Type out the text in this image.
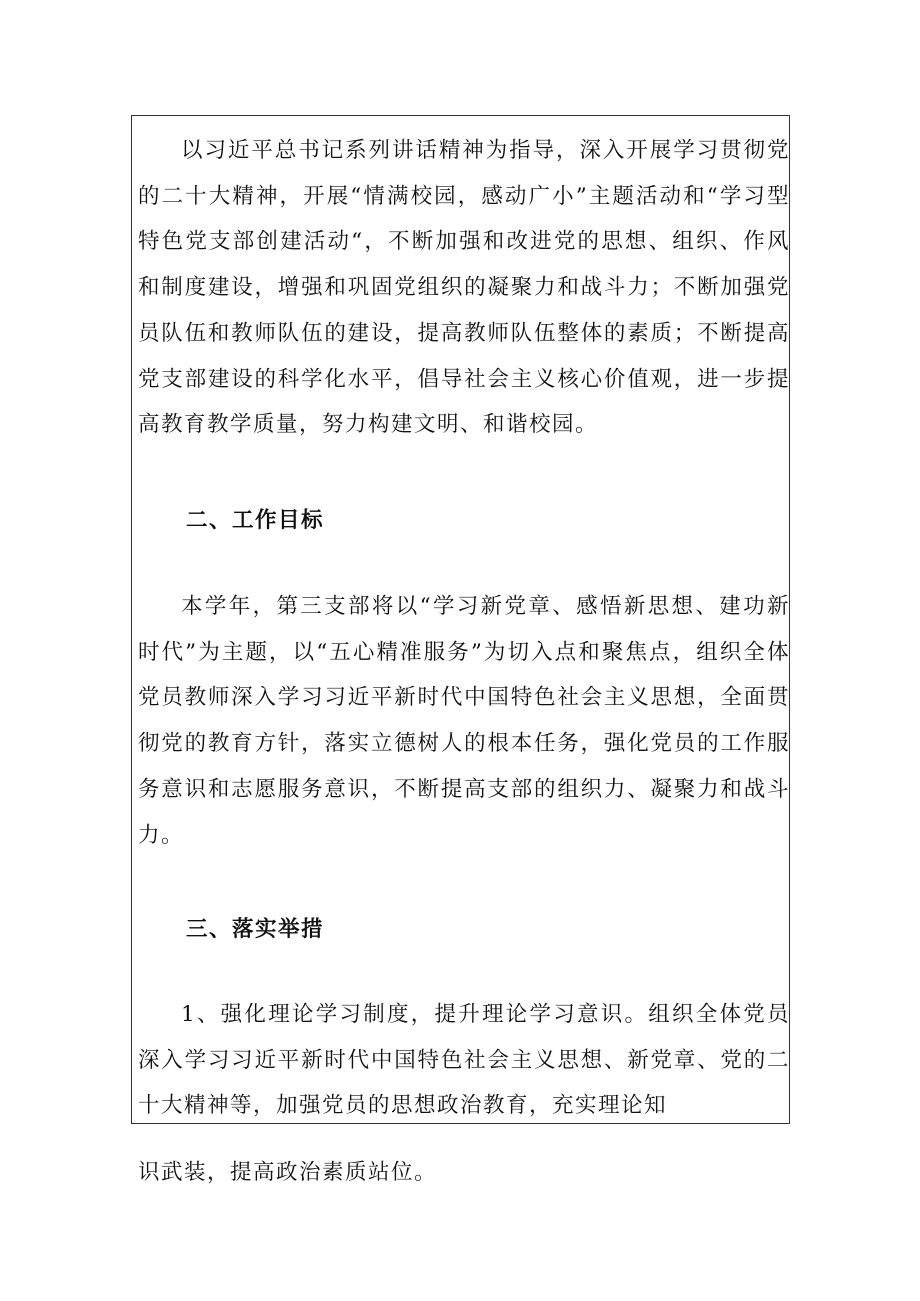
以习近平总书记系列讲话精神为指导，深入开展学习贯彻党的二十大精神，开展“情满校园，感动广小”主题活动和“学习型特色党支部创建活动“，不断加强和改进党的思想、组织、作风和制度建设，增强和巩固党组织的凝聚力和战斗力；不断加强党员队伍和教师队伍的建设，提高教师队伍整体的素质；不断提高党支部建设的科学化水平，倡导社会主义核心价值观，进一步提高教育教学质量，努力构建文明、和谐校园。

二、工作目标

本学年，第三支部将以“学习新党章、感悟新思想、建功新时代”为主题，以“五心精准服务”为切入点和聚焦点，组织全体党员教师深入学习习近平新时代中国特色社会主义思想，全面贯彻党的教育方针，落实立德树人的根本任务，强化党员的工作服务意识和志愿服务意识，不断提高支部的组织力、凝聚力和战斗力。

三、落实举措

1、强化理论学习制度，提升理论学习意识。组织全体党员深入学习习近平新时代中国特色社会主义思想、新党章、党的二十大精神等，加强党员的思想政治教育，充实理论知

识武装，提高政治素质站位。
